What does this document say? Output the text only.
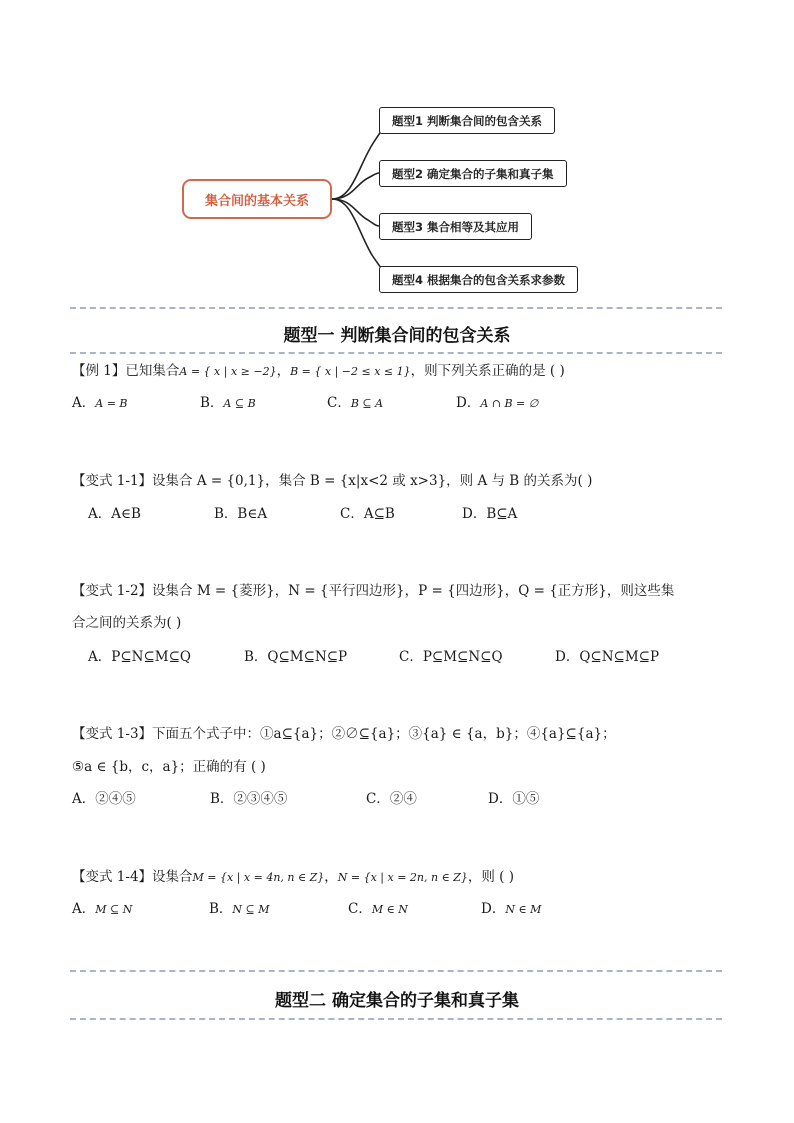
集合间的基本关系
题型1 判断集合间的包含关系
题型2 确定集合的子集和真子集
题型3 集合相等及其应用
题型4 根据集合的包含关系求参数
题型一 判断集合间的包含关系
【例 1】已知集合A = { x | x ≥ −2}，B = { x | −2 ≤ x ≤ 1}，则下列关系正确的是 ( )
A．A = B	B．A ⊆ B	C．B ⊆ A	D．A ∩ B = ∅
【变式 1-1】设集合 A = {0,1}，集合 B = {x|x<2 或 x>3}，则 A 与 B 的关系为( )
A．A∈B	B．B∈A	C．A⊆B	D．B⊆A
【变式 1-2】设集合 M = {菱形}，N = {平行四边形}，P = {四边形}，Q = {正方形}，则这些集
合之间的关系为( )
A．P⊆N⊆M⊆Q	B．Q⊆M⊆N⊆P	C．P⊆M⊆N⊆Q	D．Q⊆N⊆M⊆P
【变式 1-3】下面五个式子中：①a⊆{a}；②∅⊆{a}；③{a} ∈ {a，b}；④{a}⊆{a}；
⑤a ∈ {b，c，a}；正确的有 ( )
A．②④⑤	B．②③④⑤	C．②④	D．①⑤
【变式 1-4】设集合M = {x | x = 4n, n ∈ Z}，N = {x | x = 2n, n ∈ Z}，则 ( )
A．M ⊆ N	B．N ⊆ M	C．M ∈ N	D．N ∈ M
题型二 确定集合的子集和真子集
